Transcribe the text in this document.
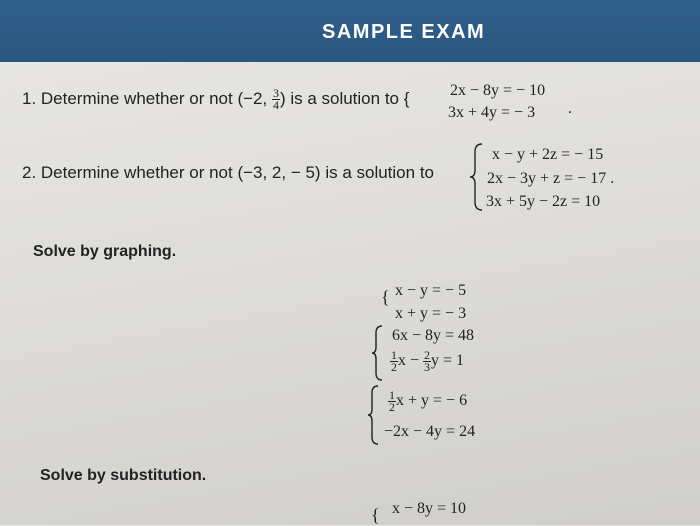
SAMPLE EXAM
1. Determine whether or not (−2, $\frac{3}{4}$ ) is a solution to {	2x − 8y = − 10
3x + 4y = − 3 .
2. Determine whether or not (−3, 2, − 5) is a solution to
x − y + 2z = − 15
2x − 3y + z = − 17 .
3x + 5y − 2z = 10
Solve by graphing.
{ x − y = − 5
x + y = − 3
6x − 8y = 48
$\frac{1}{2}$ $x - \frac{2}{3}$ y = 1
$\frac{1}{2}$ x + y = − 6
−2x − 4y = 24
Solve by substitution.
{ x − 8y = 10
